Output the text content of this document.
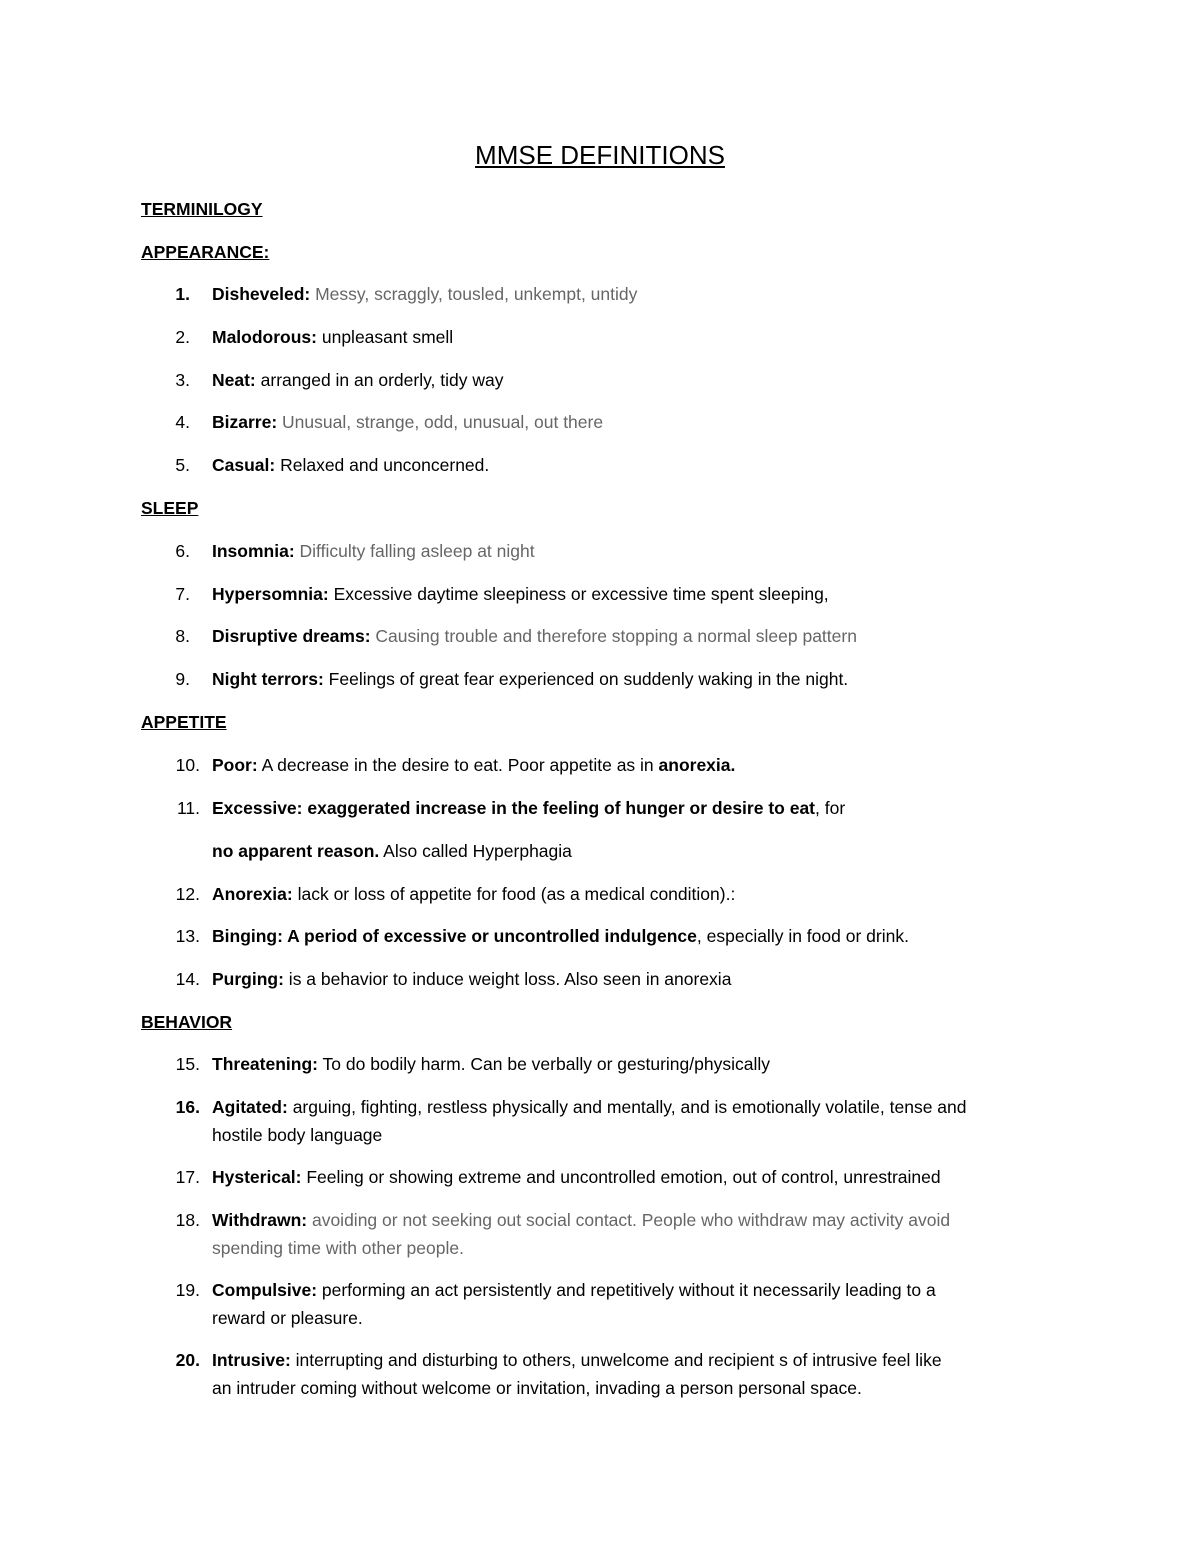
MMSE DEFINITIONS
TERMINILOGY
APPEARANCE:
1. Disheveled: Messy, scraggly, tousled, unkempt, untidy
2. Malodorous: unpleasant smell
3. Neat: arranged in an orderly, tidy way
4. Bizarre: Unusual, strange, odd, unusual, out there
5. Casual: Relaxed and unconcerned.
SLEEP
6. Insomnia: Difficulty falling asleep at night
7. Hypersomnia: Excessive daytime sleepiness or excessive time spent sleeping,
8. Disruptive dreams: Causing trouble and therefore stopping a normal sleep pattern
9. Night terrors: Feelings of great fear experienced on suddenly waking in the night.
APPETITE
10. Poor: A decrease in the desire to eat. Poor appetite as in anorexia.
11. Excessive: exaggerated increase in the feeling of hunger or desire to eat, for
no apparent reason. Also called Hyperphagia
12. Anorexia: lack or loss of appetite for food (as a medical condition).:
13. Binging: A period of excessive or uncontrolled indulgence, especially in food or drink.
14. Purging: is a behavior to induce weight loss. Also seen in anorexia
BEHAVIOR
15. Threatening: To do bodily harm. Can be verbally or gesturing/physically
16. Agitated: arguing, fighting, restless physically and mentally, and is emotionally volatile, tense and
hostile body language
17. Hysterical: Feeling or showing extreme and uncontrolled emotion, out of control, unrestrained
18. Withdrawn: avoiding or not seeking out social contact. People who withdraw may activity avoid
spending time with other people.
19. Compulsive: performing an act persistently and repetitively without it necessarily leading to a
reward or pleasure.
20. Intrusive: interrupting and disturbing to others, unwelcome and recipient s of intrusive feel like
an intruder coming without welcome or invitation, invading a person personal space.
